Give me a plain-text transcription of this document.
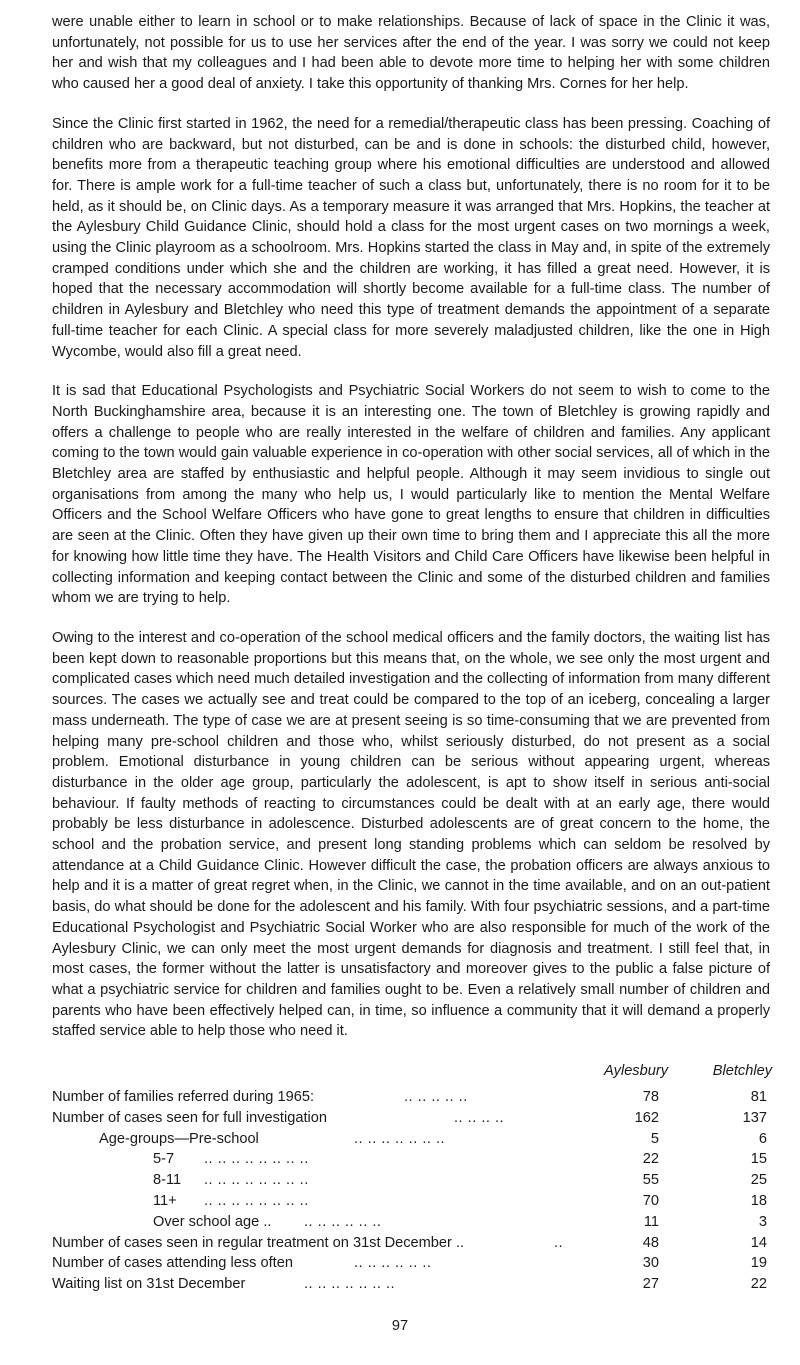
were unable either to learn in school or to make relationships. Because of lack of space in the Clinic it was, unfortunately, not possible for us to use her services after the end of the year. I was sorry we could not keep her and wish that my colleagues and I had been able to devote more time to helping her with some children who caused her a good deal of anxiety. I take this opportunity of thanking Mrs. Cornes for her help.

Since the Clinic first started in 1962, the need for a remedial/therapeutic class has been pressing. Coaching of children who are backward, but not disturbed, can be and is done in schools: the disturbed child, however, benefits more from a therapeutic teaching group where his emotional difficulties are understood and allowed for. There is ample work for a full-time teacher of such a class but, unfortunately, there is no room for it to be held, as it should be, on Clinic days. As a temporary measure it was arranged that Mrs. Hopkins, the teacher at the Aylesbury Child Guidance Clinic, should hold a class for the most urgent cases on two mornings a week, using the Clinic playroom as a schoolroom. Mrs. Hopkins started the class in May and, in spite of the extremely cramped conditions under which she and the children are working, it has filled a great need. However, it is hoped that the necessary accommodation will shortly become available for a full-time class. The number of children in Aylesbury and Bletchley who need this type of treatment demands the appointment of a separate full-time teacher for each Clinic. A special class for more severely maladjusted children, like the one in High Wycombe, would also fill a great need.

It is sad that Educational Psychologists and Psychiatric Social Workers do not seem to wish to come to the North Buckinghamshire area, because it is an interesting one. The town of Bletchley is growing rapidly and offers a challenge to people who are really interested in the welfare of children and families. Any applicant coming to the town would gain valuable experience in co-operation with other social services, all of which in the Bletchley area are staffed by enthusiastic and helpful people. Although it may seem invidious to single out organisations from among the many who help us, I would particularly like to mention the Mental Welfare Officers and the School Welfare Officers who have gone to great lengths to ensure that children in difficulties are seen at the Clinic. Often they have given up their own time to bring them and I appreciate this all the more for knowing how little time they have. The Health Visitors and Child Care Officers have likewise been helpful in collecting information and keeping contact between the Clinic and some of the disturbed children and families whom we are trying to help.

Owing to the interest and co-operation of the school medical officers and the family doctors, the waiting list has been kept down to reasonable proportions but this means that, on the whole, we see only the most urgent and complicated cases which need much detailed investigation and the collecting of information from many different sources. The cases we actually see and treat could be compared to the top of an iceberg, concealing a larger mass underneath. The type of case we are at present seeing is so time-consuming that we are prevented from helping many pre-school children and those who, whilst seriously disturbed, do not present as a social problem. Emotional disturbance in young children can be serious without appearing urgent, whereas disturbance in the older age group, particularly the adolescent, is apt to show itself in serious anti-social behaviour. If faulty methods of reacting to circumstances could be dealt with at an early age, there would probably be less disturbance in adolescence. Disturbed adolescents are of great concern to the home, the school and the probation service, and present long standing problems which can seldom be resolved by attendance at a Child Guidance Clinic. However difficult the case, the probation officers are always anxious to help and it is a matter of great regret when, in the Clinic, we cannot in the time available, and on an out-patient basis, do what should be done for the adolescent and his family. With four psychiatric sessions, and a part-time Educational Psychologist and Psychiatric Social Worker who are also responsible for much of the work of the Aylesbury Clinic, we can only meet the most urgent demands for diagnosis and treatment. I still feel that, in most cases, the former without the latter is unsatisfactory and moreover gives to the public a false picture of what a psychiatric service for children and families ought to be. Even a relatively small number of children and parents who have been effectively helped can, in time, so influence a community that it will demand a properly staffed service able to help those who need it.

Aylesbury	Bletchley
Number of families referred during 1965:	.. .. .. .. ..	78	81
Number of cases seen for full investigation	.. .. .. ..	162	137
Age-groups—Pre-school	.. .. .. .. .. .. ..	5	6
5-7 .. .. .. .. .. .. .. ..	22	15
8-11 .. .. .. .. .. .. .. ..	55	25
11+ .. .. .. .. .. .. .. ..	70	18
Over school age .. .. .. .. .. .. ..	11	3
Number of cases seen in regular treatment on 31st December ..	..	48	14
Number of cases attending less often	.. .. .. .. .. ..	30	19
Waiting list on 31st December	.. .. .. .. .. .. ..	27	22
97
